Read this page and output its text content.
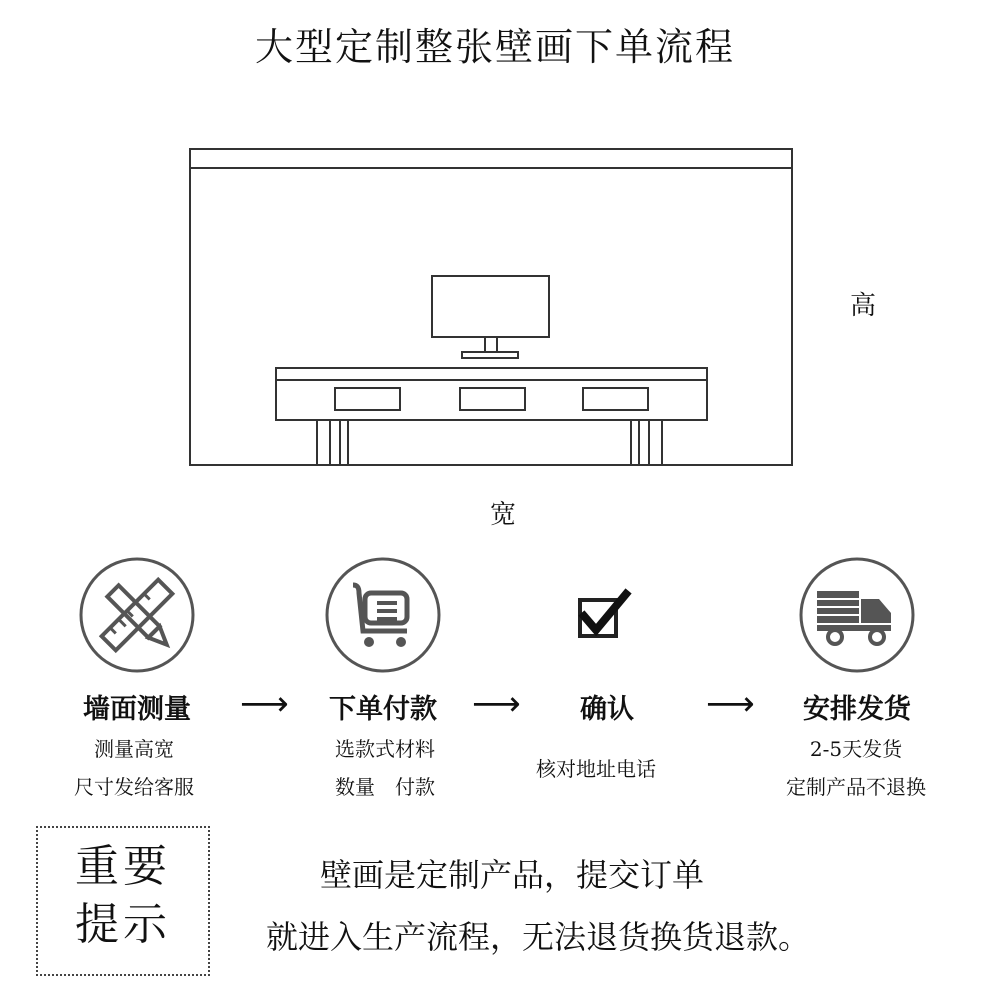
大型定制整张壁画下单流程
高
宽
墙面测量	下单付款	确认	安排发货
⟶	⟶	⟶
测量高宽
尺寸发给客服
选款式材料
数量　付款
核对地址电话
2-5天发货
定制产品不退换
重要
提示
壁画是定制产品，提交订单
就进入生产流程，无法退货换货退款。
